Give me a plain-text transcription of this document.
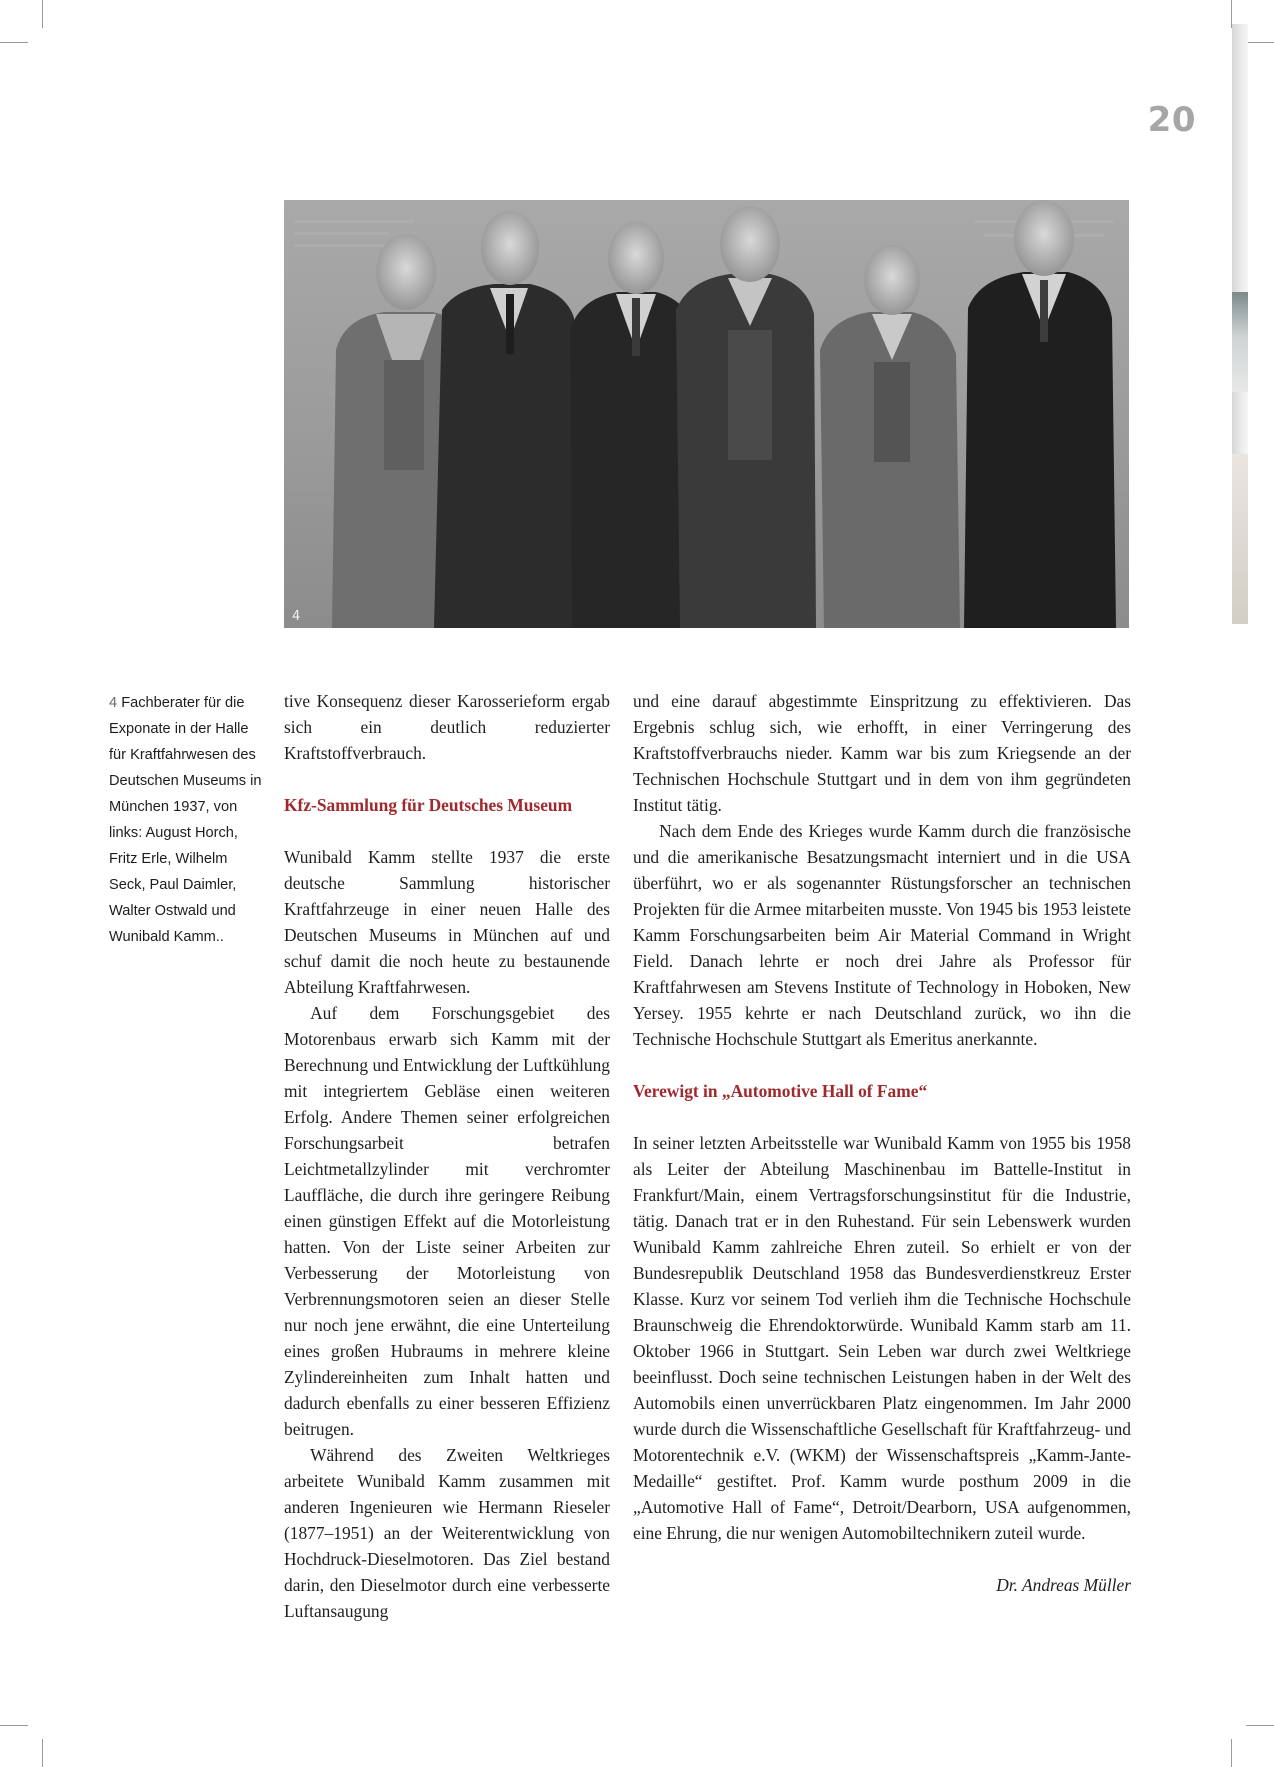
20
4
4 Fachberater für die Exponate in der Halle für Kraftfahrwesen des Deutschen Museums in München 1937, von links: August Horch, Fritz Erle, Wilhelm Seck, Paul Daimler, Walter Ostwald und Wunibald Kamm..

tive Konsequenz dieser Karosserieform ergab sich ein deutlich reduzierter Kraftstoffverbrauch.

Kfz-Sammlung für Deutsches Museum

Wunibald Kamm stellte 1937 die erste deutsche Sammlung historischer Kraftfahrzeuge in einer neuen Halle des Deutschen Museums in München auf und schuf damit die noch heute zu bestaunende Abteilung Kraftfahrwesen.

Auf dem Forschungsgebiet des Motorenbaus erwarb sich Kamm mit der Berechnung und Entwicklung der Luftkühlung mit integriertem Gebläse einen weiteren Erfolg. Andere Themen seiner erfolgreichen Forschungsarbeit betrafen Leichtmetallzylinder mit verchromter Lauffläche, die durch ihre geringere Reibung einen günstigen Effekt auf die Motorleistung hatten. Von der Liste seiner Arbeiten zur Verbesserung der Motorleistung von Verbrennungsmotoren seien an dieser Stelle nur noch jene erwähnt, die eine Unterteilung eines großen Hubraums in mehrere kleine Zylindereinheiten zum Inhalt hatten und dadurch ebenfalls zu einer besseren Effizienz beitrugen.

Während des Zweiten Weltkrieges arbeitete Wunibald Kamm zusammen mit anderen Ingenieuren wie Hermann Rieseler (1877–1951) an der Weiterentwicklung von Hochdruck-Dieselmotoren. Das Ziel bestand darin, den Dieselmotor durch eine verbesserte Luftansaugung

und eine darauf abgestimmte Einspritzung zu effektivieren. Das Ergebnis schlug sich, wie erhofft, in einer Verringerung des Kraftstoffverbrauchs nieder. Kamm war bis zum Kriegsende an der Technischen Hochschule Stuttgart und in dem von ihm gegründeten Institut tätig.

Nach dem Ende des Krieges wurde Kamm durch die französische und die amerikanische Besatzungsmacht interniert und in die USA überführt, wo er als sogenannter Rüstungsforscher an technischen Projekten für die Armee mitarbeiten musste. Von 1945 bis 1953 leistete Kamm Forschungsarbeiten beim Air Material Command in Wright Field. Danach lehrte er noch drei Jahre als Professor für Kraftfahrwesen am Stevens Institute of Technology in Hoboken, New Yersey. 1955 kehrte er nach Deutschland zurück, wo ihn die Technische Hochschule Stuttgart als Emeritus anerkannte.

Verewigt in „Automotive Hall of Fame“

In seiner letzten Arbeitsstelle war Wunibald Kamm von 1955 bis 1958 als Leiter der Abteilung Maschinenbau im Battelle-Institut in Frankfurt/Main, einem Vertragsforschungsinstitut für die Industrie, tätig. Danach trat er in den Ruhestand. Für sein Lebenswerk wurden Wunibald Kamm zahlreiche Ehren zuteil. So erhielt er von der Bundesrepublik Deutschland 1958 das Bundesverdienstkreuz Erster Klasse. Kurz vor seinem Tod verlieh ihm die Technische Hochschule Braunschweig die Ehrendoktorwürde. Wunibald Kamm starb am 11. Oktober 1966 in Stuttgart. Sein Leben war durch zwei Weltkriege beeinflusst. Doch seine technischen Leistungen haben in der Welt des Automobils einen unverrückbaren Platz eingenommen. Im Jahr 2000 wurde durch die Wissenschaftliche Gesellschaft für Kraftfahrzeug- und Motorentechnik e.V. (WKM) der Wissenschaftspreis „Kamm-Jante-Medaille“ gestiftet. Prof. Kamm wurde posthum 2009 in die „Automotive Hall of Fame“, Detroit/Dearborn, USA aufgenommen, eine Ehrung, die nur wenigen Automobiltechnikern zuteil wurde.

Dr. Andreas Müller
